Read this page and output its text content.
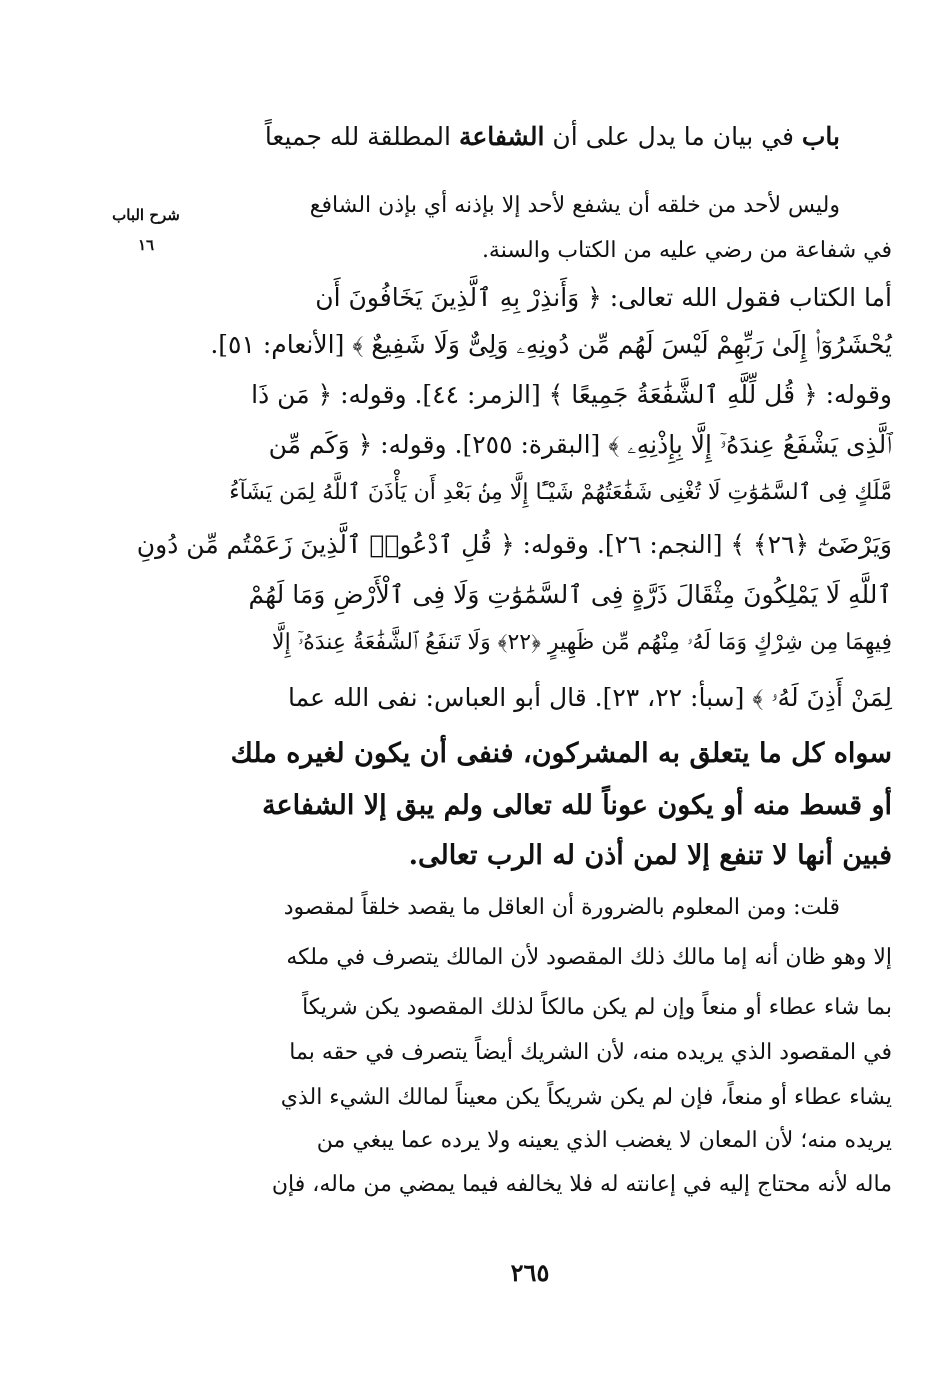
باب في بيان ما يدل على أن الشفاعة المطلقة لله جميعاً
شرح الباب
١٦
وليس لأحد من خلقه أن يشفع لأحد إلا بإذنه أي بإذن الشافع
في شفاعة من رضي عليه من الكتاب والسنة.
أما الكتاب فقول الله تعالى: ﴿ وَأَنذِرْ بِهِ ٱلَّذِينَ يَخَافُونَ أَن
يُحْشَرُوٓا۟ إِلَىٰ رَبِّهِمْ لَيْسَ لَهُم مِّن دُونِهِۦ وَلِىٌّ وَلَا شَفِيعٌ ﴾ [الأنعام: ٥١].
وقوله: ﴿ قُل لِّلَّهِ ٱلشَّفَٰعَةُ جَمِيعًا ﴾ [الزمر: ٤٤]. وقوله: ﴿ مَن ذَا
ٱلَّذِى يَشْفَعُ عِندَهُۥٓ إِلَّا بِإِذْنِهِۦ ﴾ [البقرة: ٢٥٥]. وقوله: ﴿ وَكَم مِّن
مَّلَكٍ فِى ٱلسَّمَٰوَٰتِ لَا تُغْنِى شَفَٰعَتُهُمْ شَيْـًٔا إِلَّا مِنۢ بَعْدِ أَن يَأْذَنَ ٱللَّهُ لِمَن يَشَآءُ
وَيَرْضَىٰٓ ﴿٢٦﴾ ﴾ [النجم: ٢٦]. وقوله: ﴿ قُلِ ٱدْعُوا۟ ٱلَّذِينَ زَعَمْتُم مِّن دُونِ
ٱللَّهِ لَا يَمْلِكُونَ مِثْقَالَ ذَرَّةٍ فِى ٱلسَّمَٰوَٰتِ وَلَا فِى ٱلْأَرْضِ وَمَا لَهُمْ
فِيهِمَا مِن شِرْكٍ وَمَا لَهُۥ مِنْهُم مِّن ظَهِيرٍ ﴿٢٢﴾ وَلَا تَنفَعُ ٱلشَّفَٰعَةُ عِندَهُۥٓ إِلَّا
لِمَنْ أَذِنَ لَهُۥ ﴾ [سبأ: ٢٢، ٢٣]. قال أبو العباس: نفى الله عما
سواه كل ما يتعلق به المشركون، فنفى أن يكون لغيره ملك
أو قسط منه أو يكون عوناً لله تعالى ولم يبق إلا الشفاعة
فبين أنها لا تنفع إلا لمن أذن له الرب تعالى.
قلت: ومن المعلوم بالضرورة أن العاقل ما يقصد خلقاً لمقصود
إلا وهو ظان أنه إما مالك ذلك المقصود لأن المالك يتصرف في ملكه
بما شاء عطاء أو منعاً وإن لم يكن مالكاً لذلك المقصود يكن شريكاً
في المقصود الذي يريده منه، لأن الشريك أيضاً يتصرف في حقه بما
يشاء عطاء أو منعاً، فإن لم يكن شريكاً يكن معيناً لمالك الشيء الذي
يريده منه؛ لأن المعان لا يغضب الذي يعينه ولا يرده عما يبغي من
ماله لأنه محتاج إليه في إعانته له فلا يخالفه فيما يمضي من ماله، فإن
٢٦٥
